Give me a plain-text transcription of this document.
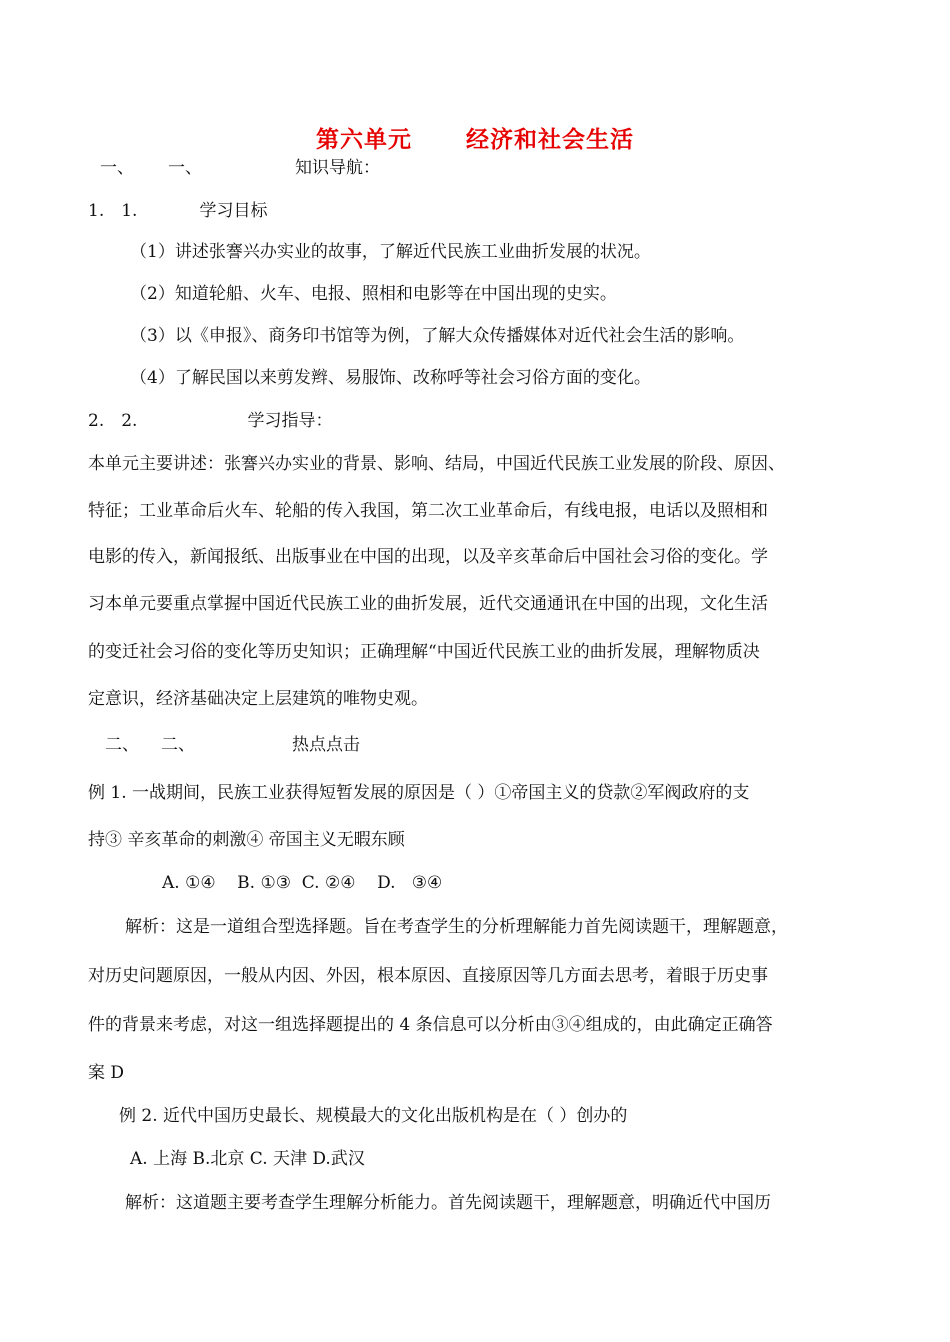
第六单元 经济和社会生活
一、 一、	知识导航：
1. 1.	学习目标
（1）讲述张謇兴办实业的故事，了解近代民族工业曲折发展的状况。
（2）知道轮船、火车、电报、照相和电影等在中国出现的史实。
（3）以《申报》、商务印书馆等为例，了解大众传播媒体对近代社会生活的影响。
（4）了解民国以来剪发辫、易服饰、改称呼等社会习俗方面的变化。
2. 2.	学习指导：
本单元主要讲述：张謇兴办实业的背景、影响、结局，中国近代民族工业发展的阶段、原因、
特征；工业革命后火车、轮船的传入我国，第二次工业革命后，有线电报，电话以及照相和
电影的传入，新闻报纸、出版事业在中国的出现，以及辛亥革命后中国社会习俗的变化。学
习本单元要重点掌握中国近代民族工业的曲折发展，近代交通通讯在中国的出现，文化生活
的变迁社会习俗的变化等历史知识；正确理解“中国近代民族工业的曲折发展，理解物质决
定意识，经济基础决定上层建筑的唯物史观。
二、 二、	热点点击
例 1. 一战期间，民族工业获得短暂发展的原因是（ ）①帝国主义的贷款②军阀政府的支
持③ 辛亥革命的刺激④ 帝国主义无暇东顾
A. ①④    B. ①③  C. ②④    D.   ③④
解析：这是一道组合型选择题。旨在考查学生的分析理解能力首先阅读题干，理解题意，
对历史问题原因，一般从内因、外因，根本原因、直接原因等几方面去思考，着眼于历史事
件的背景来考虑，对这一组选择题提出的 4 条信息可以分析由③④组成的，由此确定正确答
案 D
例 2. 近代中国历史最长、规模最大的文化出版机构是在（ ）创办的
A. 上海 B.北京 C. 天津 D.武汉
解析：这道题主要考查学生理解分析能力。首先阅读题干，理解题意，明确近代中国历
